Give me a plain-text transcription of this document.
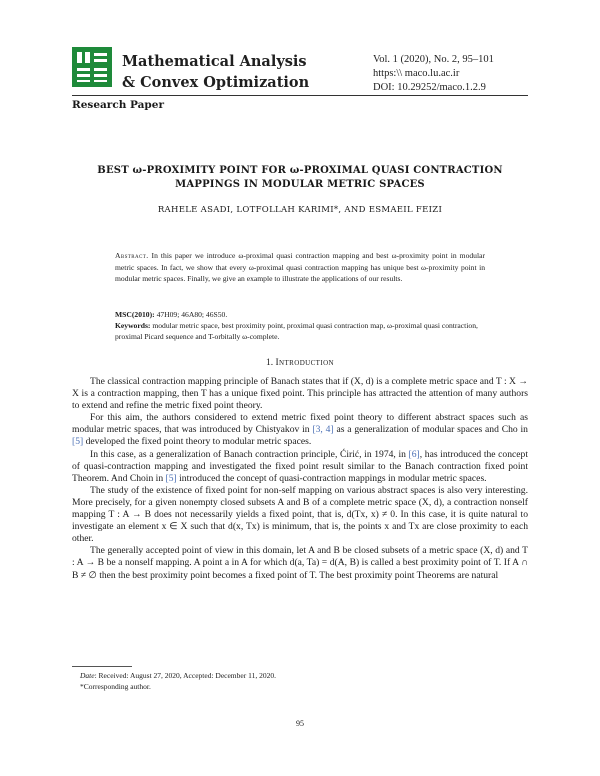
Mathematical Analysis
& Convex Optimization
Vol. 1 (2020), No. 2, 95–101
https:\\ maco.lu.ac.ir
DOI: 10.29252/maco.1.2.9
Research Paper
BEST ω-PROXIMITY POINT FOR ω-PROXIMAL QUASI CONTRACTION
MAPPINGS IN MODULAR METRIC SPACES
RAHELE ASADI, LOTFOLLAH KARIMI*, AND ESMAEIL FEIZI
Abstract. In this paper we introduce ω-proximal quasi contraction mapping and best ω-proximity point in modular metric spaces. In fact, we show that every ω-proximal quasi contraction mapping has unique best ω-proximity point in modular metric spaces. Finally, we give an example to illustrate the applications of our results.
MSC(2010): 47H09; 46A80; 46S50.
Keywords: modular metric space, best proximity point, proximal quasi contraction map, ω-proximal quasi contraction, proximal Picard sequence and T-orbitally ω-complete.
1. Introduction

The classical contraction mapping principle of Banach states that if (X, d) is a complete metric space and T : X → X is a contraction mapping, then T has a unique fixed point. This principle has attracted the attention of many authors to extend and refine the metric fixed point theory.

For this aim, the authors considered to extend metric fixed point theory to different abstract spaces such as modular metric spaces, that was introduced by Chistyakov in [3, 4] as a generalization of modular spaces and Cho in [5] developed the fixed point theory to modular metric spaces.

In this case, as a generalization of Banach contraction principle, Ćirić, in 1974, in [6], has introduced the concept of quasi-contraction mapping and investigated the fixed point result similar to the Banach contraction fixed point Theorem. And Choin in [5] introduced the concept of quasi-contraction mappings in modular metric spaces.

The study of the existence of fixed point for non-self mapping on various abstract spaces is also very interesting. More precisely, for a given nonempty closed subsets A and B of a complete metric space (X, d), a contraction nonself mapping T : A → B does not necessarily yields a fixed point, that is, d(Tx, x) ≠ 0. In this case, it is quite natural to investigate an element x ∈ X such that d(x, Tx) is minimum, that is, the points x and Tx are close proximity to each other.

The generally accepted point of view in this domain, let A and B be closed subsets of a metric space (X, d) and T : A → B be a nonself mapping. A point a in A for which d(a, Ta) = d(A, B) is called a best proximity point of T. If A ∩ B ≠ ∅ then the best proximity point becomes a fixed point of T. The best proximity point Theorems are natural

Date: Received: August 27, 2020, Accepted: December 11, 2020.
*Corresponding author.
95
